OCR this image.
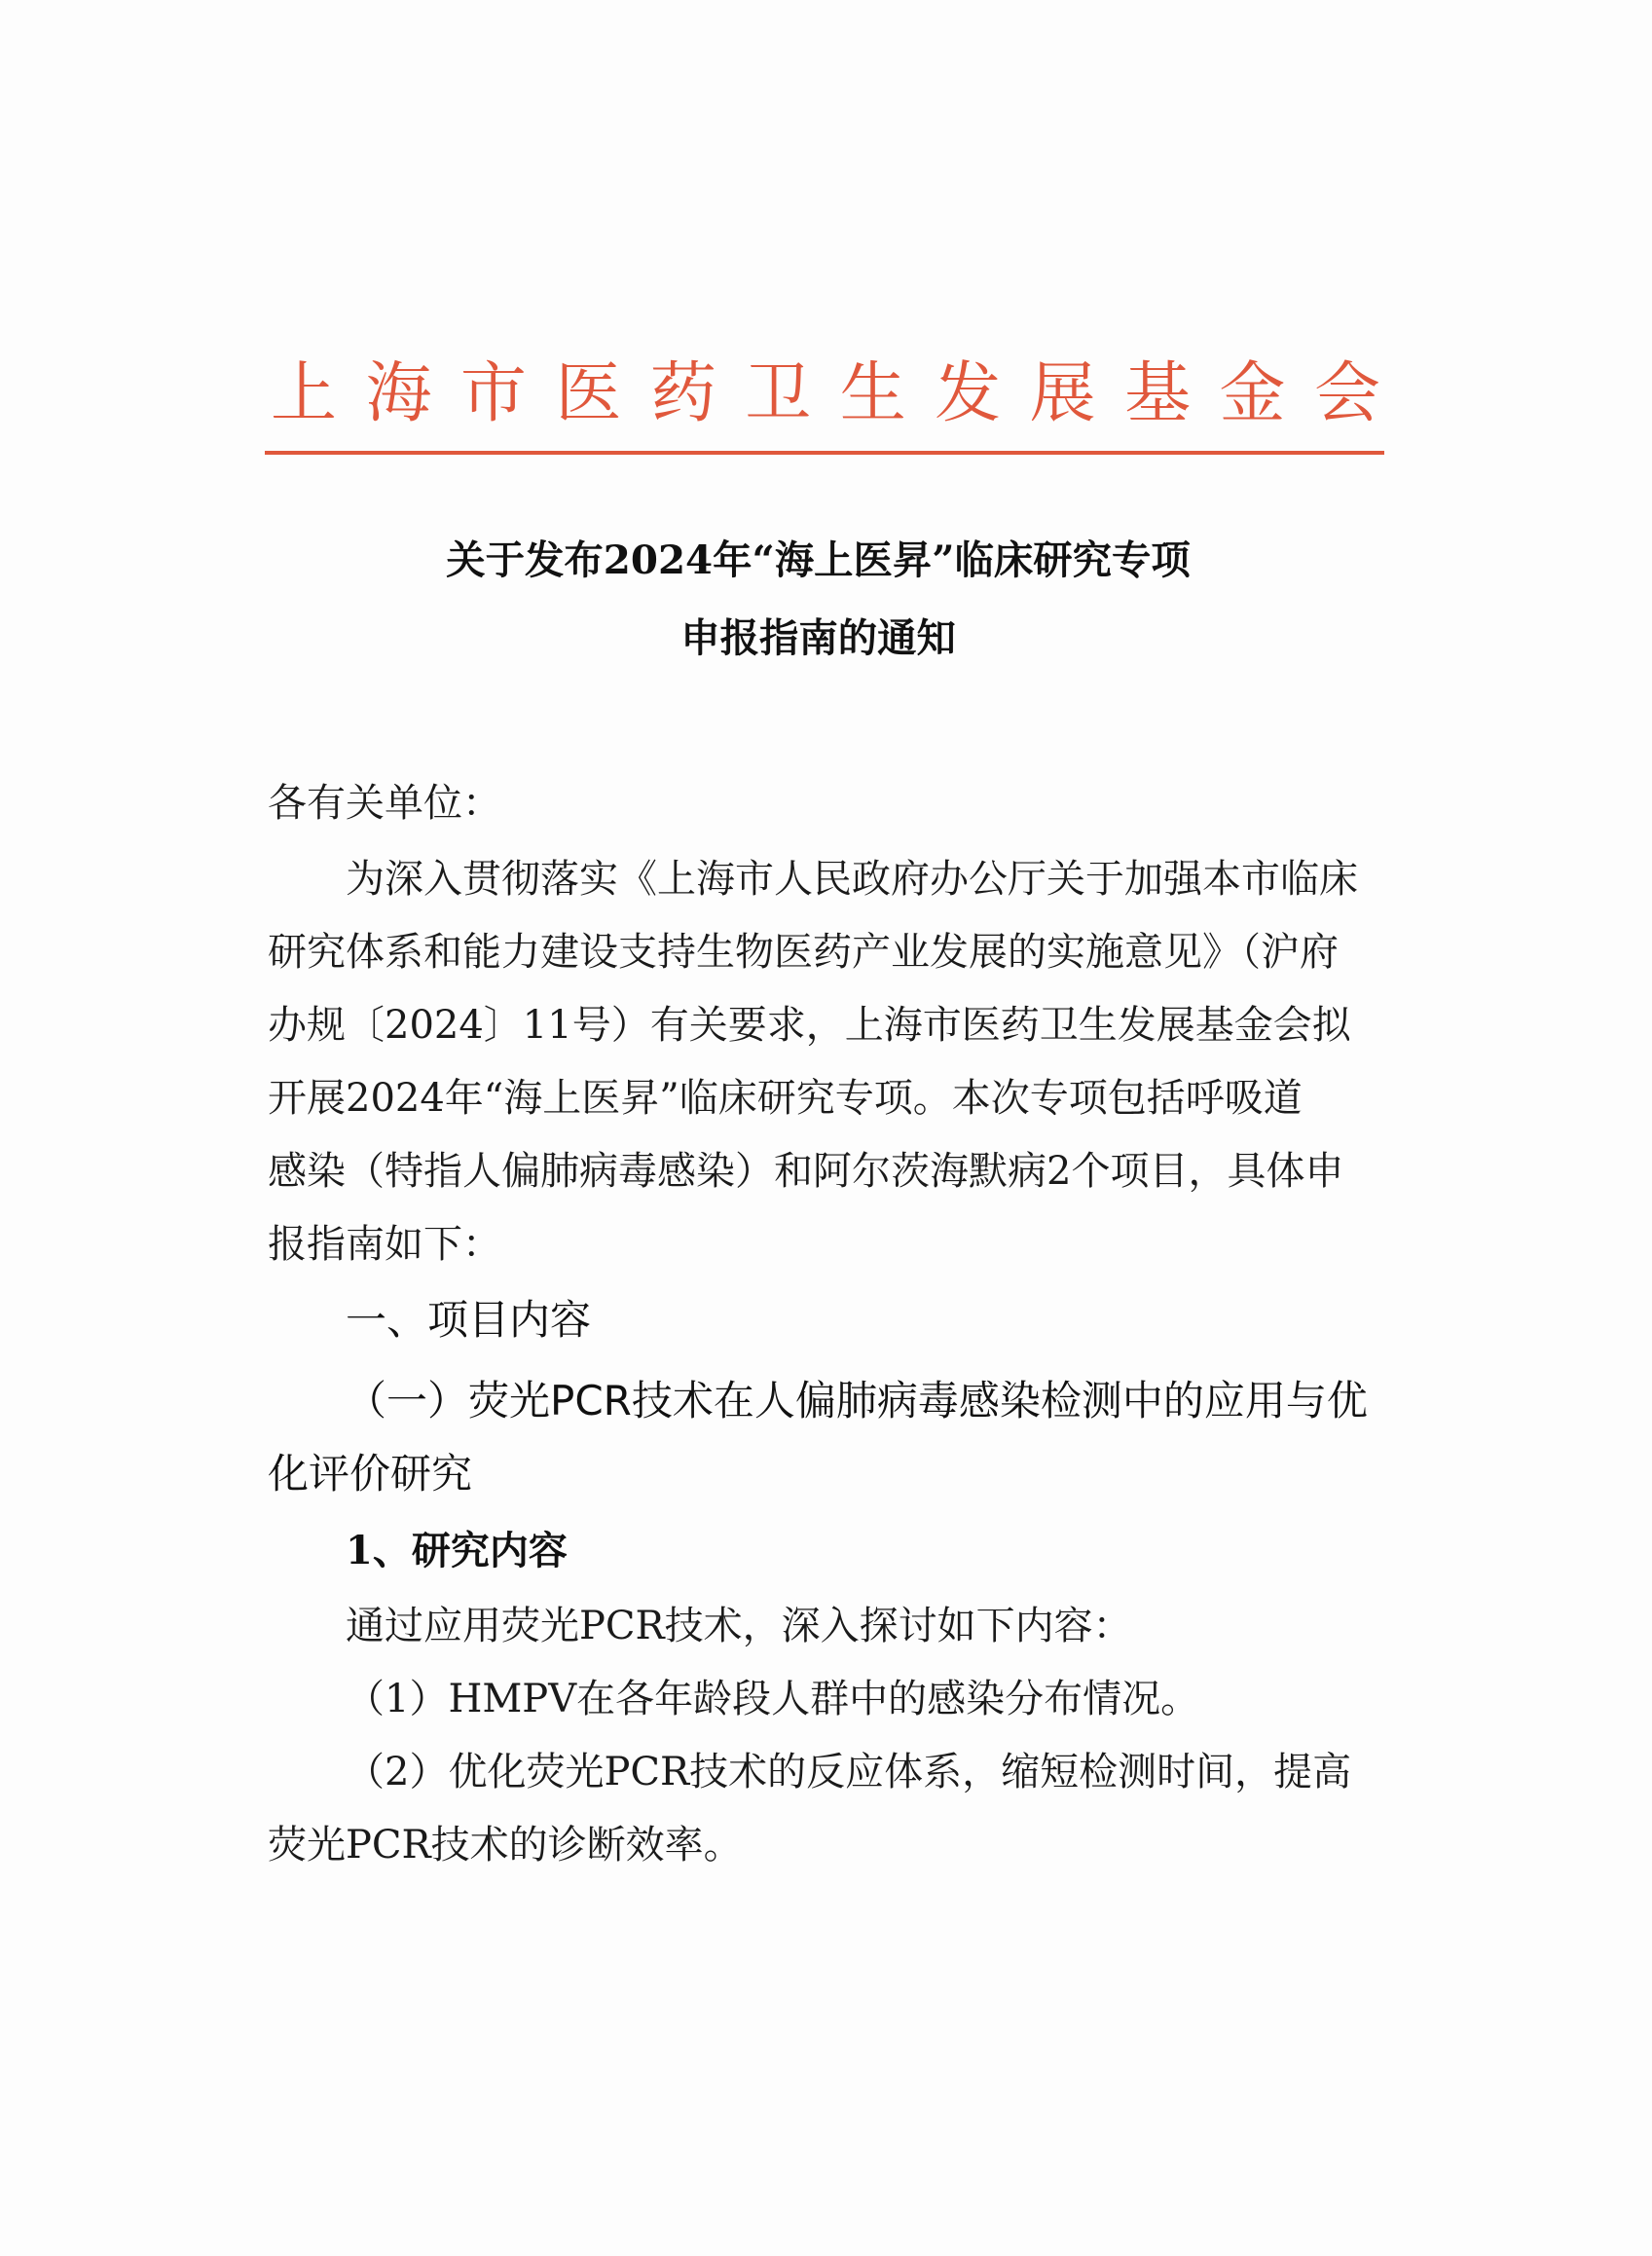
上 海 市 医 药 卫 生 发 展 基 金 会
关于发布2024年“海上医昇”临床研究专项
申报指南的通知
各有关单位：
为深入贯彻落实《上海市人民政府办公厅关于加强本市临床
研究体系和能力建设支持生物医药产业发展的实施意见》（沪府
办规〔2024〕11号）有关要求，上海市医药卫生发展基金会拟
开展2024年“海上医昇”临床研究专项。本次专项包括呼吸道
感染（特指人偏肺病毒感染）和阿尔茨海默病2个项目，具体申
报指南如下：
一、项目内容
（一）荧光PCR技术在人偏肺病毒感染检测中的应用与优
化评价研究
1、研究内容
通过应用荧光PCR技术，深入探讨如下内容：
（1）HMPV在各年龄段人群中的感染分布情况。
（2）优化荧光PCR技术的反应体系，缩短检测时间，提高
荧光PCR技术的诊断效率。
